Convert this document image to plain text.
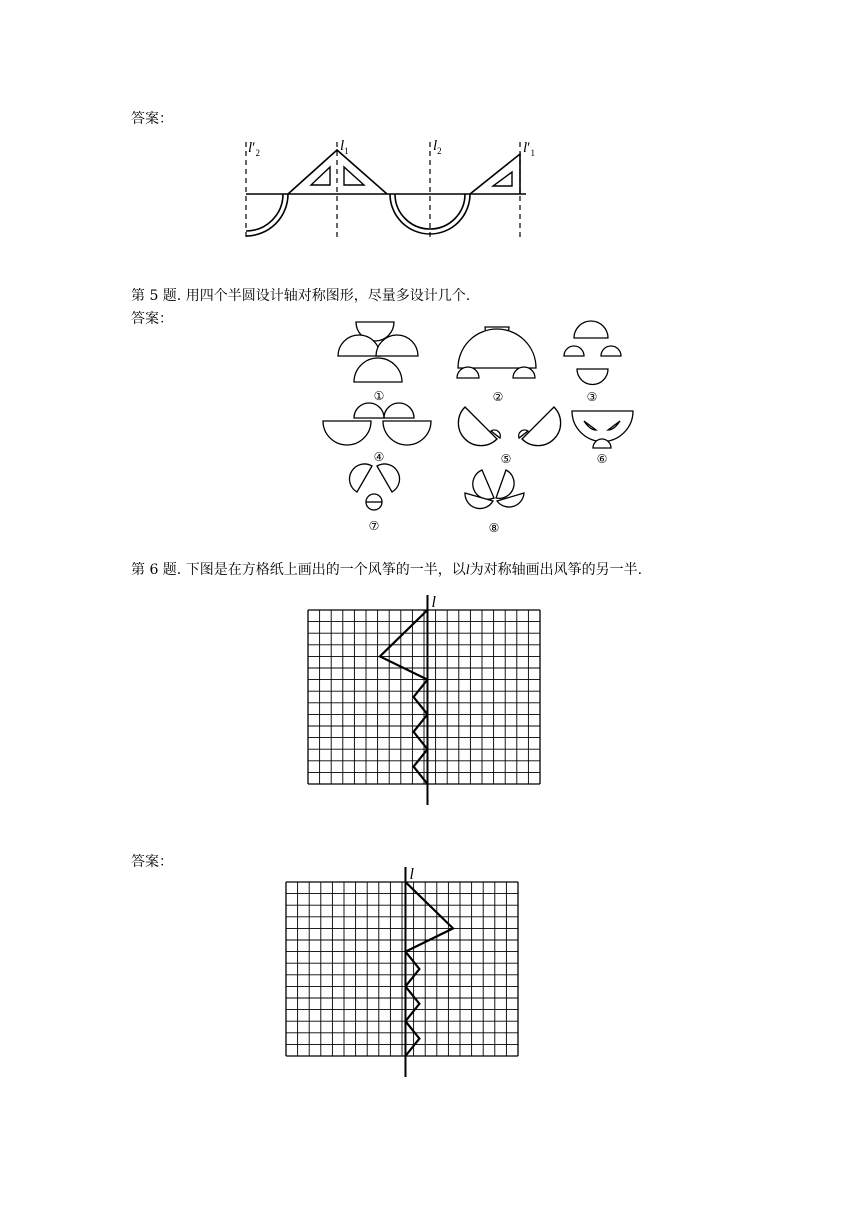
答案：
$l'_2$	$l_1$	$l_2$	$l'_1$
第 5 题. 用四个半圆设计轴对称图形，尽量多设计几个.
答案：
①	②	③
④	⑤	⑥
⑦	⑧
第 6 题. 下图是在方格纸上画出的一个风筝的一半，以l为对称轴画出风筝的另一半.
l
答案：
l
